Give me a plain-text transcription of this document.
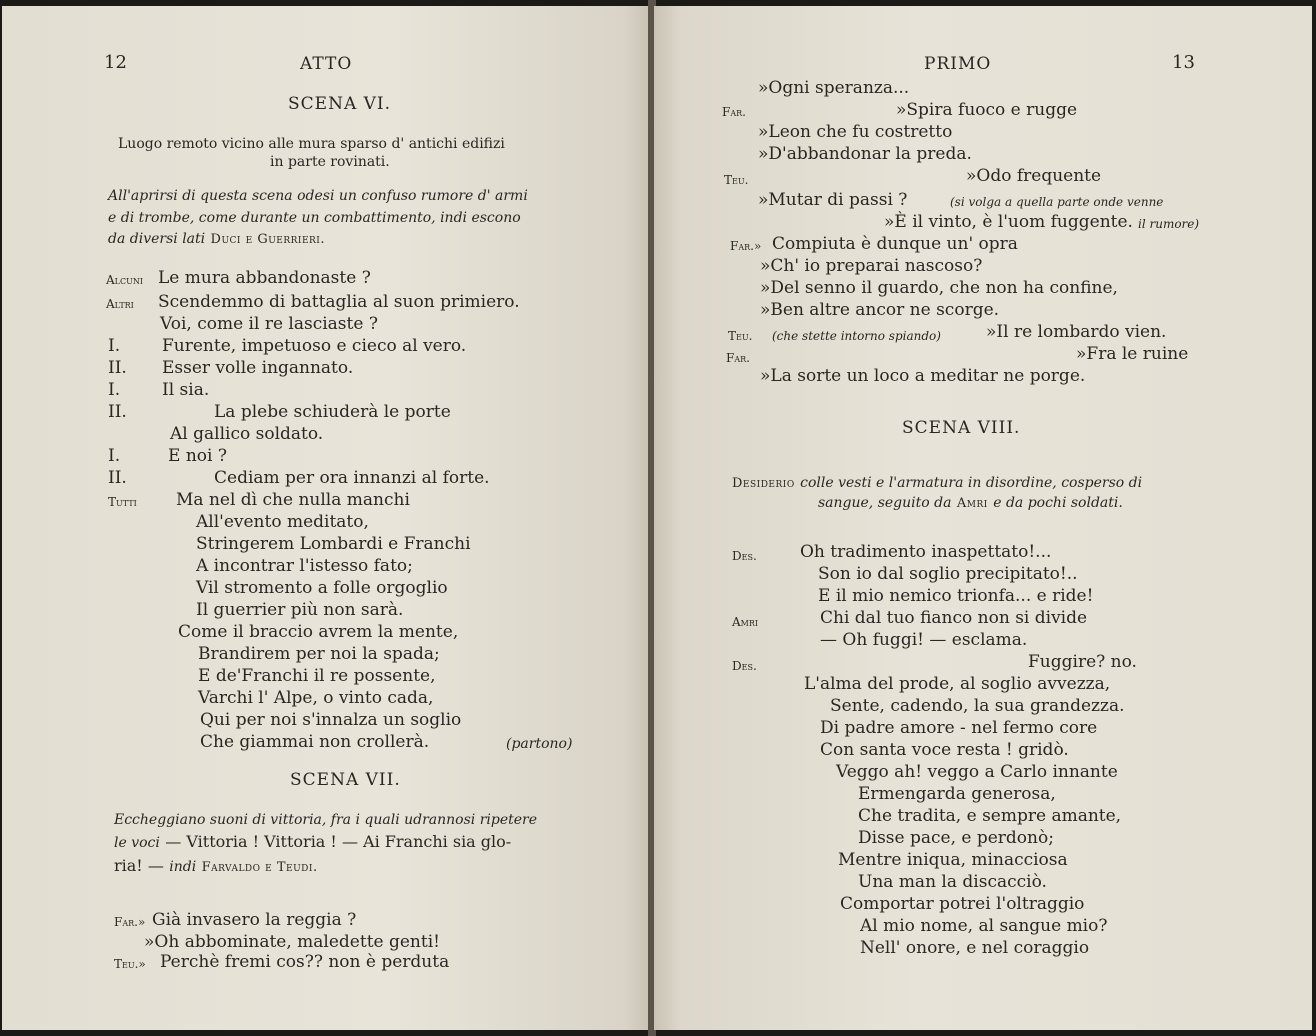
12	ATTO
SCENA VI.
Luogo remoto vicino alle mura sparso d' antichi edifizi
in parte rovinati.
All'aprirsi di questa scena odesi un confuso rumore d' armi
e di trombe, come durante un combattimento, indi escono
da diversi lati Duci e Guerrieri.
Alcuni Le mura abbandonaste ?
Altri Scendemmo di battaglia al suon primiero.
Voi, come il re lasciaste ?
I. Furente, impetuoso e cieco al vero.
II. Esser volle ingannato.
I. Il sia.
II.	La plebe schiuderà le porte
Al gallico soldato.
I.	E noi ?
II.	Cediam per ora innanzi al forte.
Tutti Ma nel dì che nulla manchi
All'evento meditato,
Stringerem Lombardi e Franchi
A incontrar l'istesso fato;
Vil stromento a folle orgoglio
Il guerrier più non sarà.
Come il braccio avrem la mente,
Brandirem per noi la spada;
E de'Franchi il re possente,
Varchi l' Alpe, o vinto cada,
Qui per noi s'innalza un soglio
Che giammai non crollerà.	(partono)
SCENA VII.
Eccheggiano suoni di vittoria, fra i quali udrannosi ripetere
le voci — Vittoria ! Vittoria ! — Ai Franchi sia glo-
ria! — indi Farvaldo e Teudi.
Far.» Già invasero la reggia ?
»Oh abbominate, maledette genti!
Teu.» Perchè fremi cos?? non è perduta
PRIMO	13
»Ogni speranza...
Far.	»Spira fuoco e rugge
»Leon che fu costretto
»D'abbandonar la preda.
Teu.	»Odo frequente
»Mutar di passi ?	(si volga a quella parte onde venne
»È il vinto, è l'uom fuggente. il rumore)
Far.» Compiuta è dunque un' opra
»Ch' io preparai nascoso?
»Del senno il guardo, che non ha confine,
»Ben altre ancor ne scorge.
Teu. (che stette intorno spiando)	»Il re lombardo vien.
Far.	»Fra le ruine
»La sorte un loco a meditar ne porge.
SCENA VIII.
Desiderio colle vesti e l'armatura in disordine, cosperso di
sangue, seguito da Amri e da pochi soldati.
Des.	Oh tradimento inaspettato!...
Son io dal soglio precipitato!..
E il mio nemico trionfa... e ride!
Amri	Chi dal tuo fianco non si divide
— Oh fuggi! — esclama.
Des.	Fuggire? no.
L'alma del prode, al soglio avvezza,
Sente, cadendo, la sua grandezza.
Di padre amore - nel fermo core
Con santa voce resta ! gridò.
Veggo ah! veggo a Carlo innante
Ermengarda generosa,
Che tradita, e sempre amante,
Disse pace, e perdonò;
Mentre iniqua, minacciosa
Una man la discacciò.
Comportar potrei l'oltraggio
Al mio nome, al sangue mio?
Nell' onore, e nel coraggio
